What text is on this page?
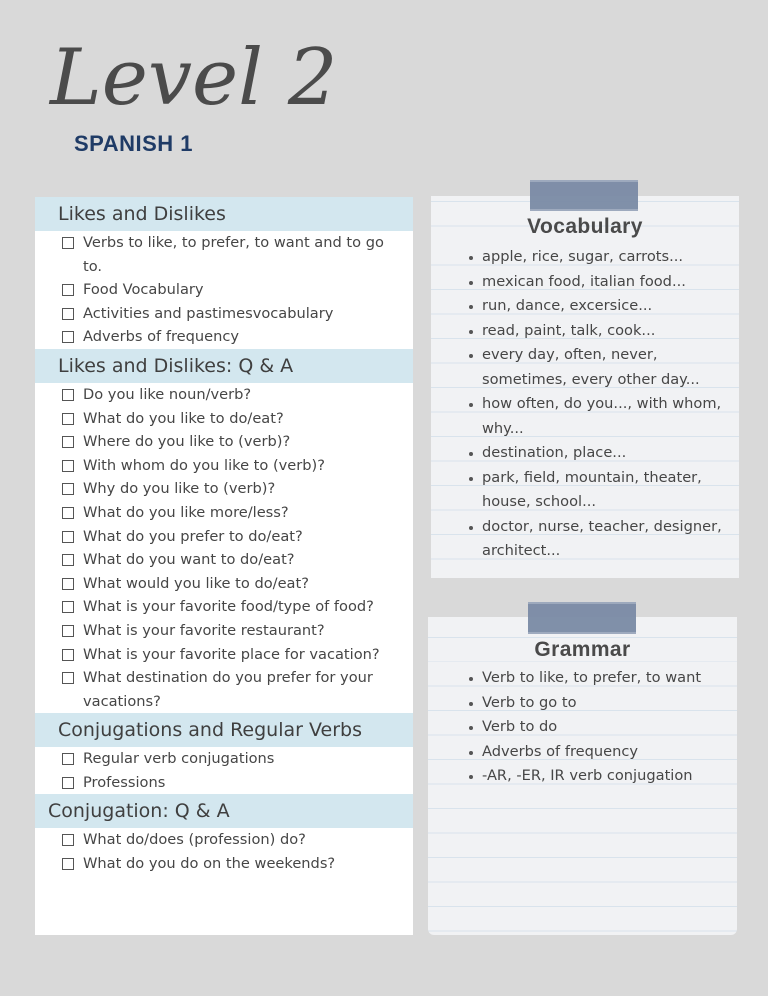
Level 2
SPANISH 1
Likes and Dislikes
Verbs to like, to prefer, to want and to go to.
Food Vocabulary
Activities and pastimesvocabulary
Adverbs of frequency
Likes and Dislikes: Q & A
Do you like noun/verb?
What do you like to do/eat?
Where do you like to (verb)?
With whom do you like to (verb)?
Why do you like to (verb)?
What do you like more/less?
What do you prefer to do/eat?
What do you want to do/eat?
What would you like to do/eat?
What is your favorite food/type of food?
What is your favorite restaurant?
What is your favorite place for vacation?
What destination do you prefer for your vacations?
Conjugations and Regular Verbs
Regular verb conjugations
Professions
Conjugation: Q & A
What do/does (profession) do?
What do you do on the weekends?
Vocabulary
apple, rice, sugar, carrots...
mexican food, italian food...
run, dance, excersice...
read, paint, talk, cook...
every day, often, never, sometimes, every other day...
how often, do you..., with whom, why...
destination, place...
park, field, mountain, theater, house, school...
doctor, nurse, teacher, designer, architect...
Grammar
Verb to like, to prefer, to want
Verb to go to
Verb to do
Adverbs of frequency
-AR, -ER, IR verb conjugation
